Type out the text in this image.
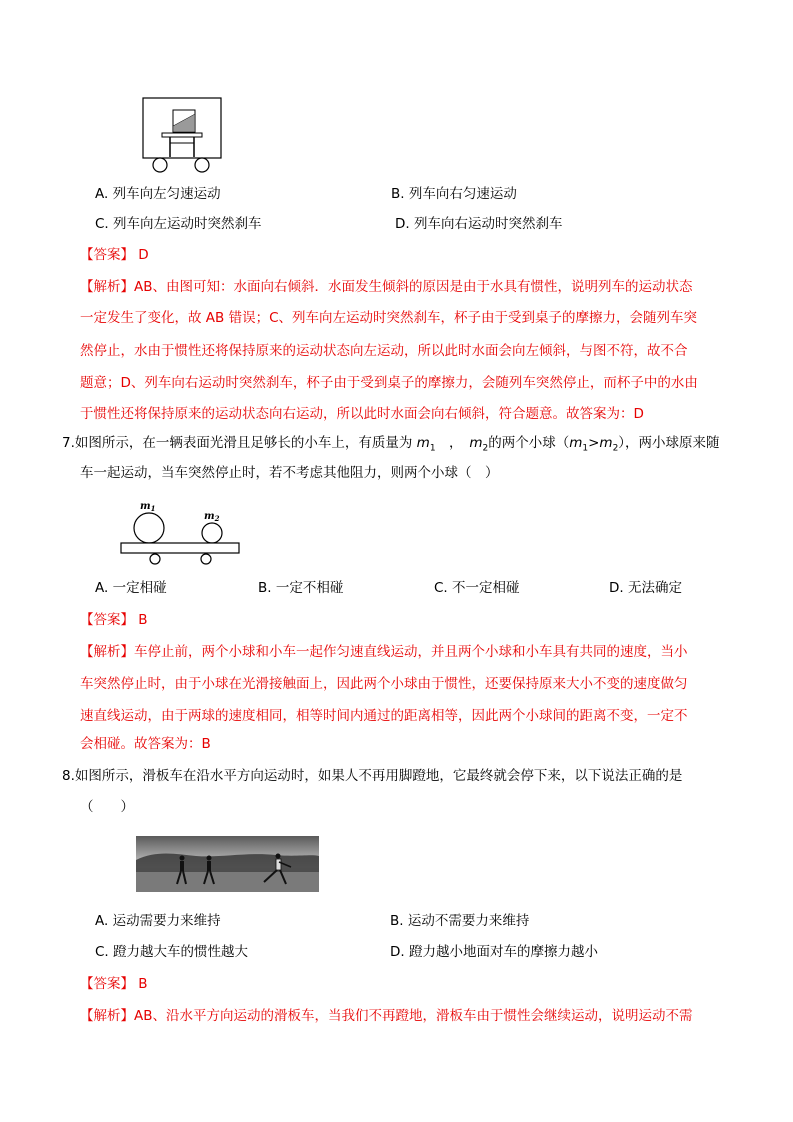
A. 列车向左匀速运动	B. 列车向右匀速运动
C. 列车向左运动时突然刹车	D. 列车向右运动时突然刹车
【答案】 D
【解析】AB、由图可知：水面向右倾斜．水面发生倾斜的原因是由于水具有惯性，说明列车的运动状态
一定发生了变化，故 AB 错误；C、列车向左运动时突然刹车，杯子由于受到桌子的摩擦力，会随列车突
然停止，水由于惯性还将保持原来的运动状态向左运动，所以此时水面会向左倾斜，与图不符，故不合
题意；D、列车向右运动时突然刹车，杯子由于受到桌子的摩擦力，会随列车突然停止，而杯子中的水由
于惯性还将保持原来的运动状态向右运动，所以此时水面会向右倾斜，符合题意。故答案为：D
7.如图所示，在一辆表面光滑且足够长的小车上，有质量为 $m_1$　，　$m_2$的两个小球$(m_1>m_2)$，两小球原来随
车一起运动，当车突然停止时，若不考虑其他阻力，则两个小球（　）
$m_1$
$m_2$
A. 一定相碰	B. 一定不相碰	C. 不一定相碰	D. 无法确定
【答案】 B
【解析】车停止前，两个小球和小车一起作匀速直线运动，并且两个小球和小车具有共同的速度，当小
车突然停止时，由于小球在光滑接触面上，因此两个小球由于惯性，还要保持原来大小不变的速度做匀
速直线运动，由于两球的速度相同，相等时间内通过的距离相等，因此两个小球间的距离不变，一定不
会相碰。故答案为：B
8.如图所示，滑板车在沿水平方向运动时，如果人不再用脚蹬地，它最终就会停下来，以下说法正确的是
（　　）
A. 运动需要力来维持	B. 运动不需要力来维持
C. 蹬力越大车的惯性越大	D. 蹬力越小地面对车的摩擦力越小
【答案】 B
【解析】AB、沿水平方向运动的滑板车，当我们不再蹬地，滑板车由于惯性会继续运动，说明运动不需
